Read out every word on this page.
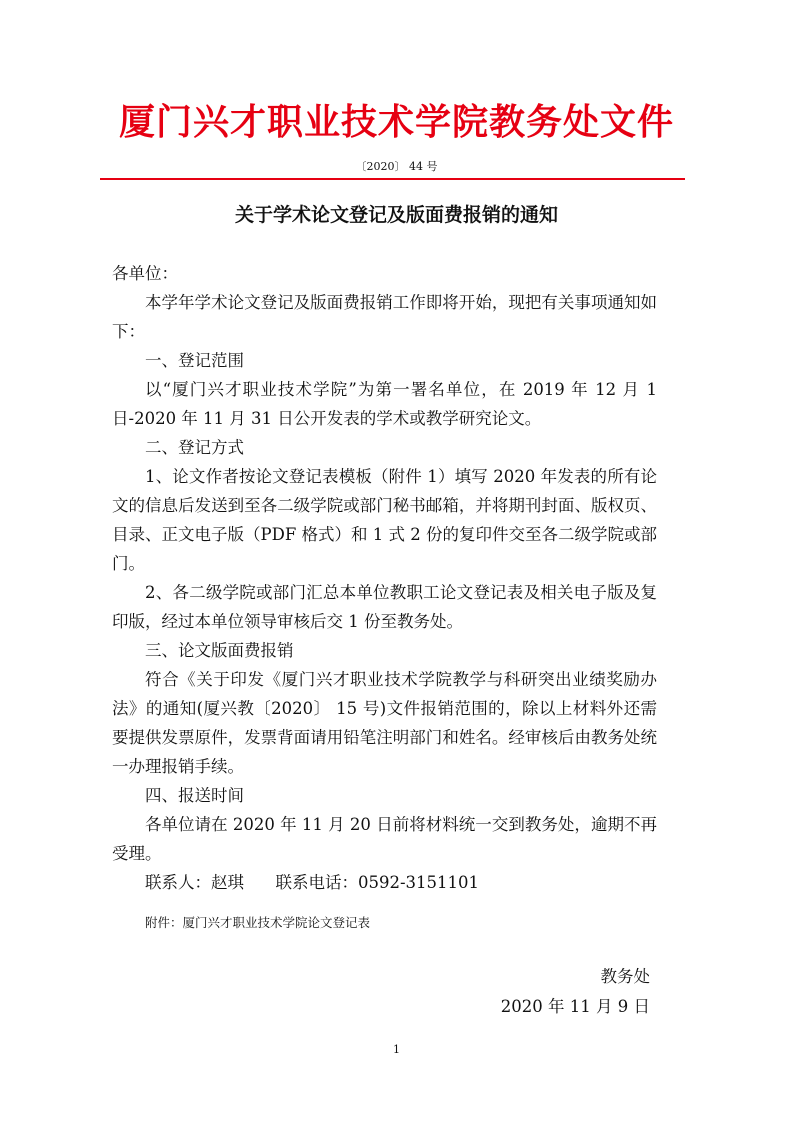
厦门兴才职业技术学院教务处文件
〔2020〕 44 号
关于学术论文登记及版面费报销的通知

各单位：

本学年学术论文登记及版面费报销工作即将开始，现把有关事项通知如下：

一、登记范围

以“厦门兴才职业技术学院”为第一署名单位，在 2019 年 12 月 1 日-2020 年 11 月 31 日公开发表的学术或教学研究论文。

二、登记方式

1、论文作者按论文登记表模板（附件 1）填写 2020 年发表的所有论文的信息后发送到至各二级学院或部门秘书邮箱，并将期刊封面、版权页、目录、正文电子版（PDF 格式）和 1 式 2 份的复印件交至各二级学院或部门。

2、各二级学院或部门汇总本单位教职工论文登记表及相关电子版及复印版，经过本单位领导审核后交 1 份至教务处。

三、论文版面费报销

符合《关于印发《厦门兴才职业技术学院教学与科研突出业绩奖励办法》的通知(厦兴教〔2020〕 15 号)文件报销范围的，除以上材料外还需要提供发票原件，发票背面请用铅笔注明部门和姓名。经审核后由教务处统一办理报销手续。

四、报送时间

各单位请在 2020 年 11 月 20 日前将材料统一交到教务处，逾期不再受理。

联系人：赵琪      联系电话：0592-3151101

附件：厦门兴才职业技术学院论文登记表
教务处
2020 年 11 月 9 日
1
